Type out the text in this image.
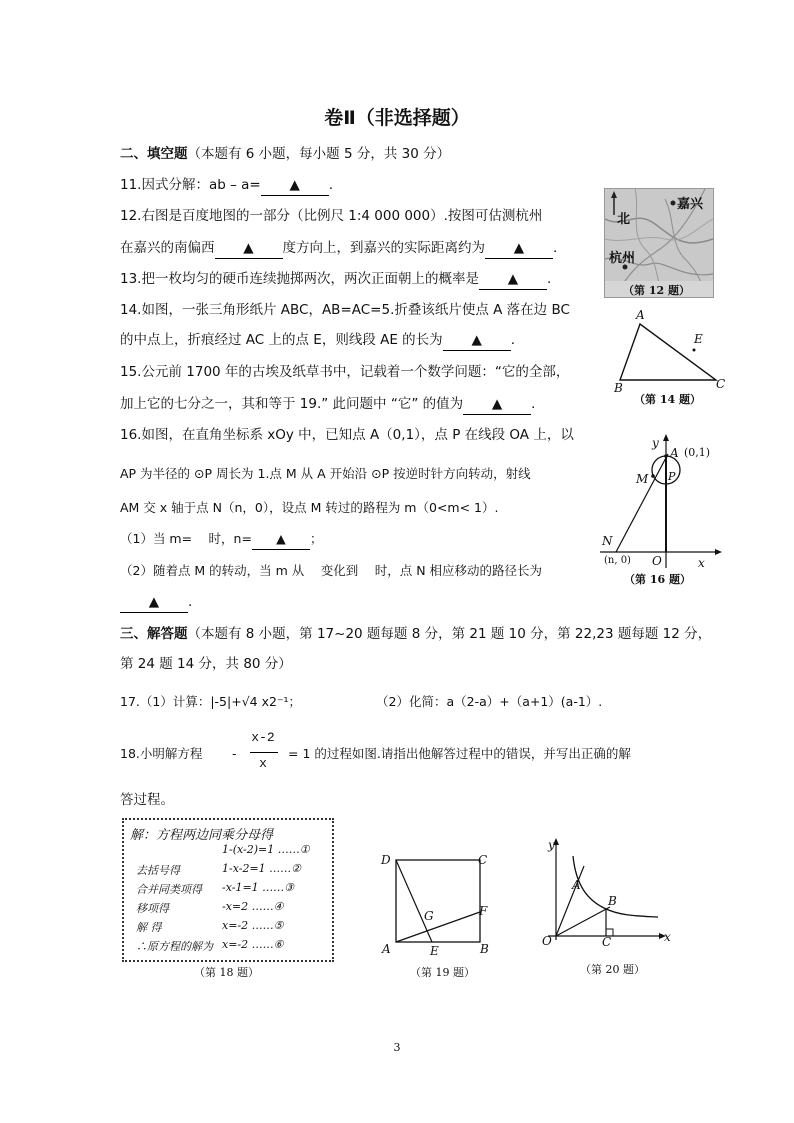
卷Ⅱ（非选择题）
二、填空题（本题有 6 小题，每小题 5 分，共 30 分）
11.因式分解：ab – a= ▲ .
12.右图是百度地图的一部分（比例尺 1:4 000 000）.按图可估测杭州
在嘉兴的南偏西 ▲ 度方向上，到嘉兴的实际距离约为 ▲ .
13.把一枚均匀的硬币连续抛掷两次，两次正面朝上的概率是 ▲ .
14.如图，一张三角形纸片 ABC，AB=AC=5.折叠该纸片使点 A 落在边 BC
的中点上，折痕经过 AC 上的点 E，则线段 AE 的长为 ▲ .
15.公元前 1700 年的古埃及纸草书中，记载着一个数学问题：“它的全部，
加上它的七分之一，其和等于 19.” 此问题中 “它” 的值为 ▲ .
16.如图，在直角坐标系 xOy 中，已知点 A（0,1），点 P 在线段 OA 上，以
AP 为半径的 ⊙P 周长为 1.点 M 从 A 开始沿 ⊙P 按逆时针方向转动，射线
AM 交 x 轴于点 N（n，0），设点 M 转过的路程为 m（0<m< 1）.
（1）当 m=　 时，n= ▲ ；
（2）随着点 M 的转动，当 m 从　 变化到　 时，点 N 相应移动的路径长为
▲ .
三、解答题（本题有 8 小题，第 17~20 题每题 8 分，第 21 题 10 分，第 22,23 题每题 12 分，
第 24 题 14 分，共 80 分）
17.（1）计算：|-5|+√4 x2⁻¹；	（2）化简：a（2-a）+（a+1）(a-1）.
18.小明解方程 -
x-2
x
= 1 的过程如图.请指出他解答过程中的错误，并写出正确的解
答过程。
北
嘉兴
杭州
（第 12 题）
A
E
B	C
（第 14 题）
y
A (0,1)
M P
N
(n, 0) O	x
（第 16 题）
解：方程两边同乘分母得
1-(x-2)=1 ……①
去括号得	1-x-2=1 ……②
合并同类项得 -x-1=1 ……③
移项得	-x=2 ……④
解 得	x=-2 ……⑤
∴原方程的解为 x=-2 ……⑥
（第 18 题）
D	C
G	F
A	E	B
（第 19 题）
y
A
B
O	C	x
（第 20 题）
3
